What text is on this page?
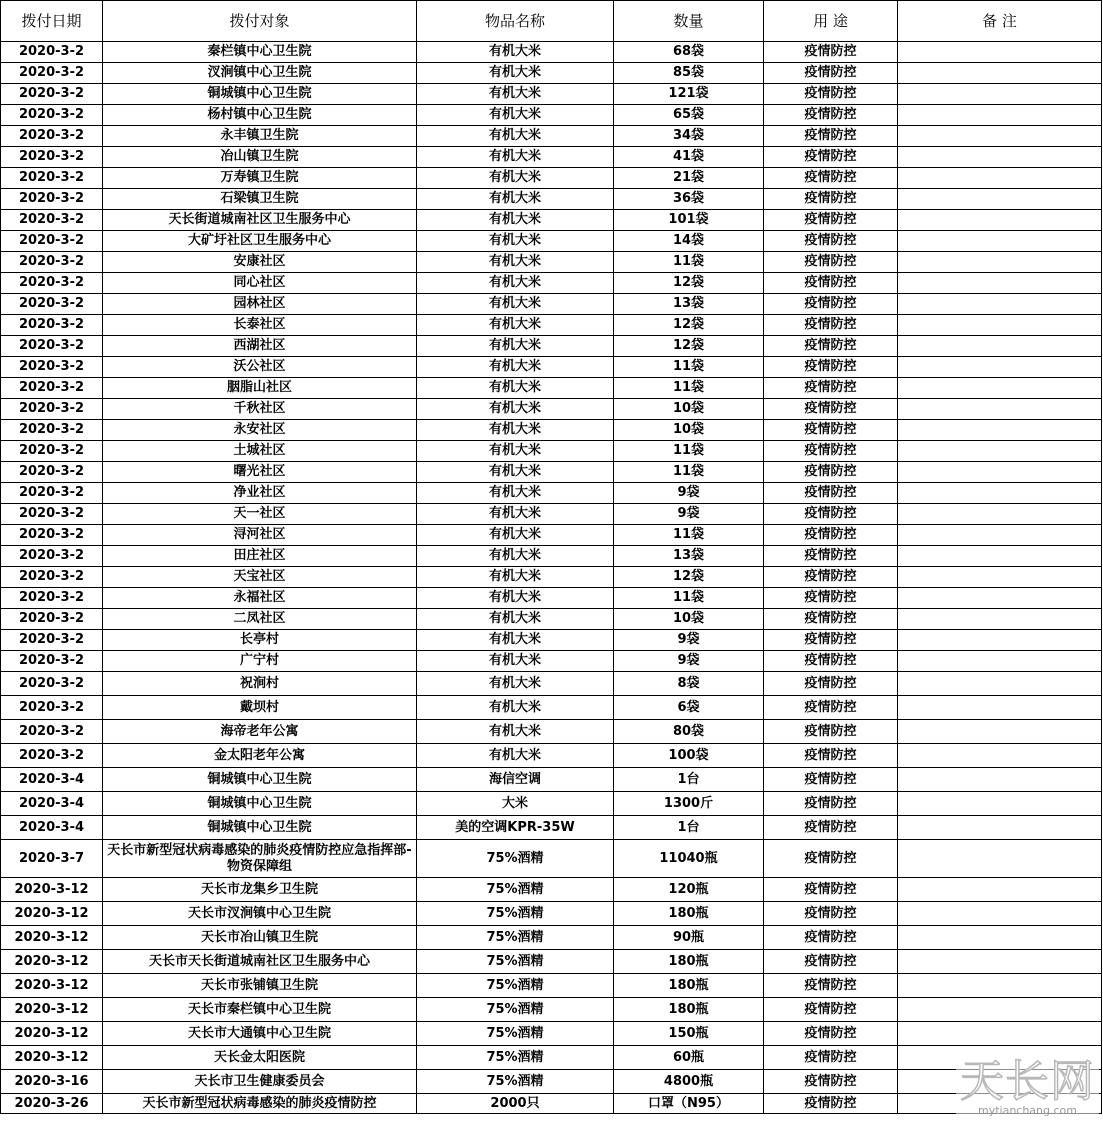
拨付日期	拨付对象	物品名称	数量	用 途	备 注
2020-3-2	秦栏镇中心卫生院	有机大米	68袋	疫情防控	
2020-3-2	汊涧镇中心卫生院	有机大米	85袋	疫情防控	
2020-3-2	铜城镇中心卫生院	有机大米	121袋	疫情防控	
2020-3-2	杨村镇中心卫生院	有机大米	65袋	疫情防控	
2020-3-2	永丰镇卫生院	有机大米	34袋	疫情防控	
2020-3-2	冶山镇卫生院	有机大米	41袋	疫情防控	
2020-3-2	万寿镇卫生院	有机大米	21袋	疫情防控	
2020-3-2	石梁镇卫生院	有机大米	36袋	疫情防控	
2020-3-2	天长街道城南社区卫生服务中心	有机大米	101袋	疫情防控	
2020-3-2	大矿圩社区卫生服务中心	有机大米	14袋	疫情防控	
2020-3-2	安康社区	有机大米	11袋	疫情防控	
2020-3-2	同心社区	有机大米	12袋	疫情防控	
2020-3-2	园林社区	有机大米	13袋	疫情防控	
2020-3-2	长泰社区	有机大米	12袋	疫情防控	
2020-3-2	西湖社区	有机大米	12袋	疫情防控	
2020-3-2	沃公社区	有机大米	11袋	疫情防控	
2020-3-2	胭脂山社区	有机大米	11袋	疫情防控	
2020-3-2	千秋社区	有机大米	10袋	疫情防控	
2020-3-2	永安社区	有机大米	10袋	疫情防控	
2020-3-2	土城社区	有机大米	11袋	疫情防控	
2020-3-2	曙光社区	有机大米	11袋	疫情防控	
2020-3-2	净业社区	有机大米	9袋	疫情防控	
2020-3-2	天一社区	有机大米	9袋	疫情防控	
2020-3-2	浔河社区	有机大米	11袋	疫情防控	
2020-3-2	田庄社区	有机大米	13袋	疫情防控	
2020-3-2	天宝社区	有机大米	12袋	疫情防控	
2020-3-2	永福社区	有机大米	11袋	疫情防控	
2020-3-2	二凤社区	有机大米	10袋	疫情防控	
2020-3-2	长亭村	有机大米	9袋	疫情防控	
2020-3-2	广宁村	有机大米	9袋	疫情防控	
2020-3-2	祝涧村	有机大米	8袋	疫情防控	
2020-3-2	戴坝村	有机大米	6袋	疫情防控	
2020-3-2	海帝老年公寓	有机大米	80袋	疫情防控	
2020-3-2	金太阳老年公寓	有机大米	100袋	疫情防控	
2020-3-4	铜城镇中心卫生院	海信空调	1台	疫情防控	
2020-3-4	铜城镇中心卫生院	大米	1300斤	疫情防控	
2020-3-4	铜城镇中心卫生院	美的空调KPR-35W	1台	疫情防控	
2020-3-7	天长市新型冠状病毒感染的肺炎疫情防控应急指挥部-物资保障组	75%酒精	11040瓶	疫情防控	
2020-3-12	天长市龙集乡卫生院	75%酒精	120瓶	疫情防控	
2020-3-12	天长市汊涧镇中心卫生院	75%酒精	180瓶	疫情防控	
2020-3-12	天长市冶山镇卫生院	75%酒精	90瓶	疫情防控	
2020-3-12	天长市天长街道城南社区卫生服务中心	75%酒精	180瓶	疫情防控	
2020-3-12	天长市张铺镇卫生院	75%酒精	180瓶	疫情防控	
2020-3-12	天长市秦栏镇中心卫生院	75%酒精	180瓶	疫情防控	
2020-3-12	天长市大通镇中心卫生院	75%酒精	150瓶	疫情防控	
2020-3-12	天长金太阳医院	75%酒精	60瓶	疫情防控	
2020-3-16	天长市卫生健康委员会	75%酒精	4800瓶	疫情防控	
2020-3-26	天长市新型冠状病毒感染的肺炎疫情防控	2000只	口罩（N95）	疫情防控	天长网
mytianchang.com
